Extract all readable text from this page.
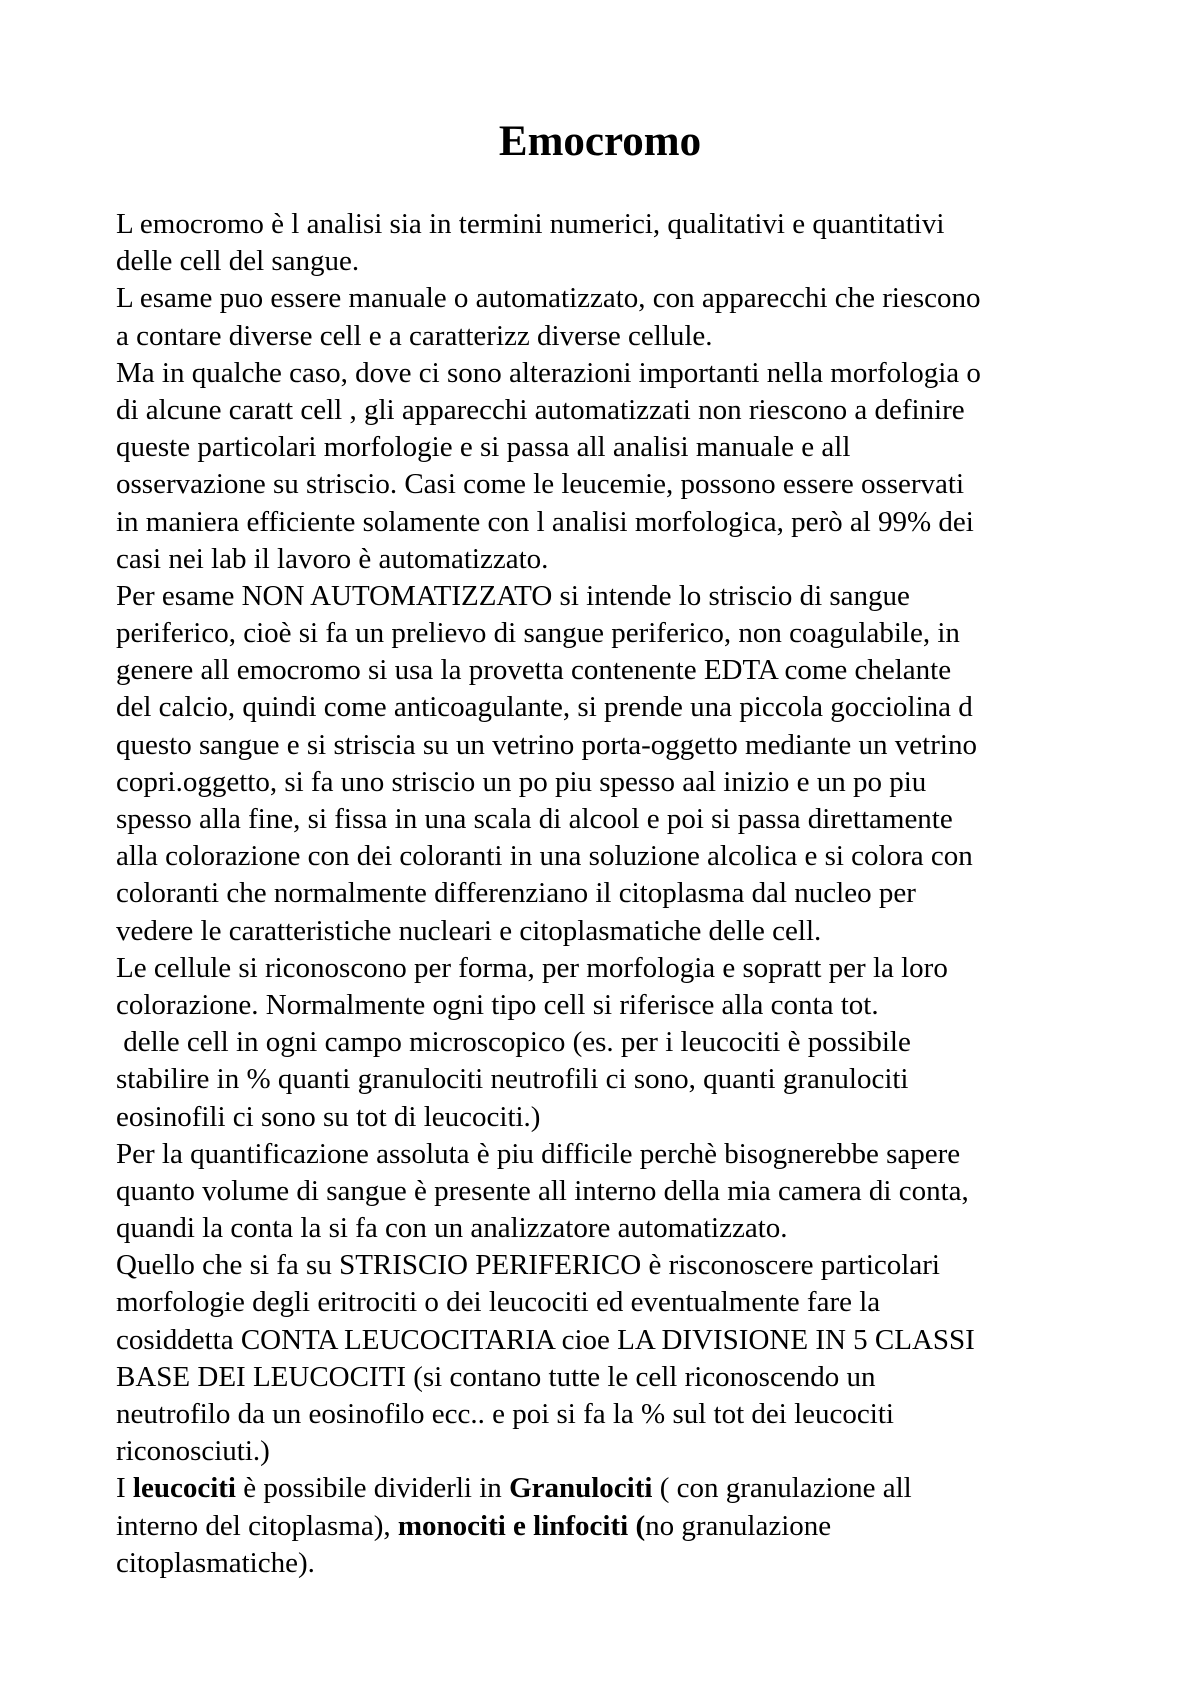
Emocromo
L emocromo è l analisi sia in termini numerici, qualitativi e quantitativi
delle cell del sangue.
L esame puo essere manuale o automatizzato, con apparecchi che riescono
a contare diverse cell e a caratterizz diverse cellule.
Ma in qualche caso, dove ci sono alterazioni importanti nella morfologia o
di alcune caratt cell , gli apparecchi automatizzati non riescono a definire
queste particolari morfologie e si passa all analisi manuale e all
osservazione su striscio. Casi come le leucemie, possono essere osservati
in maniera efficiente solamente con l analisi morfologica, però al 99% dei
casi nei lab il lavoro è automatizzato.
Per esame NON AUTOMATIZZATO si intende lo striscio di sangue
periferico, cioè si fa un prelievo di sangue periferico, non coagulabile, in
genere all emocromo si usa la provetta contenente EDTA come chelante
del calcio, quindi come anticoagulante, si prende una piccola gocciolina d
questo sangue e si striscia su un vetrino porta-oggetto mediante un vetrino
copri.oggetto, si fa uno striscio un po piu spesso aal inizio e un po piu
spesso alla fine, si fissa in una scala di alcool e poi si passa direttamente
alla colorazione con dei coloranti in una soluzione alcolica e si colora con
coloranti che normalmente differenziano il citoplasma dal nucleo per
vedere le caratteristiche nucleari e citoplasmatiche delle cell.
Le cellule si riconoscono per forma, per morfologia e sopratt per la loro
colorazione. Normalmente ogni tipo cell si riferisce alla conta tot.
delle cell in ogni campo microscopico (es. per i leucociti è possibile
stabilire in % quanti granulociti neutrofili ci sono, quanti granulociti
eosinofili ci sono su tot di leucociti.)
Per la quantificazione assoluta è piu difficile perchè bisognerebbe sapere
quanto volume di sangue è presente all interno della mia camera di conta,
quandi la conta la si fa con un analizzatore automatizzato.
Quello che si fa su STRISCIO PERIFERICO è risconoscere particolari
morfologie degli eritrociti o dei leucociti ed eventualmente fare la
cosiddetta CONTA LEUCOCITARIA cioe LA DIVISIONE IN 5 CLASSI
BASE DEI LEUCOCITI (si contano tutte le cell riconoscendo un
neutrofilo da un eosinofilo ecc.. e poi si fa la % sul tot dei leucociti
riconosciuti.)
I leucociti è possibile dividerli in Granulociti ( con granulazione all
interno del citoplasma), monociti e linfociti (no granulazione
citoplasmatiche).
